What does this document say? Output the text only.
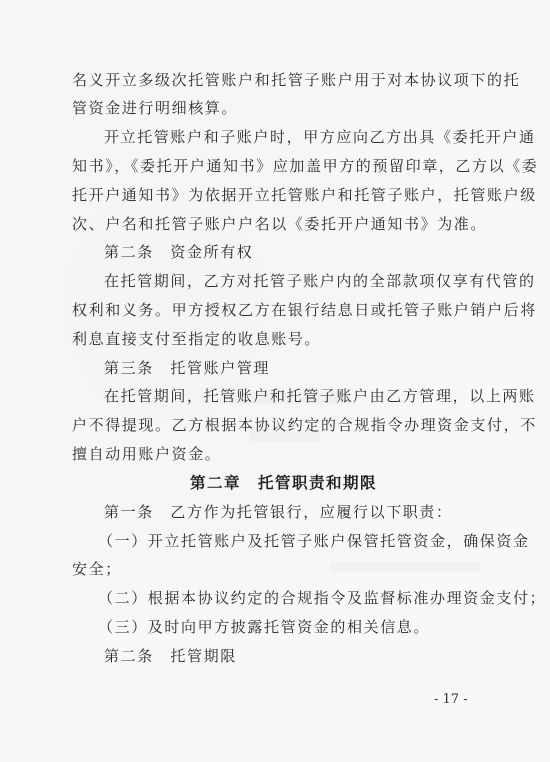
名义开立多级次托管账户和托管子账户用于对本协议项下的托
管资金进行明细核算。
开立托管账户和子账户时，甲方应向乙方出具《委托开户通
知书》，《委托开户通知书》应加盖甲方的预留印章，乙方以《委
托开户通知书》为依据开立托管账户和托管子账户，托管账户级
次、户名和托管子账户户名以《委托开户通知书》为准。
第二条　资金所有权
在托管期间，乙方对托管子账户内的全部款项仅享有代管的
权利和义务。甲方授权乙方在银行结息日或托管子账户销户后将
利息直接支付至指定的收息账号。
第三条　托管账户管理
在托管期间，托管账户和托管子账户由乙方管理，以上两账
户不得提现。乙方根据本协议约定的合规指令办理资金支付，不
擅自动用账户资金。
第二章　托管职责和期限
第一条　乙方作为托管银行，应履行以下职责：
（一）开立托管账户及托管子账户保管托管资金，确保资金
安全；
（二）根据本协议约定的合规指令及监督标准办理资金支付；
（三）及时向甲方披露托管资金的相关信息。
第二条　托管期限
- 17 -
